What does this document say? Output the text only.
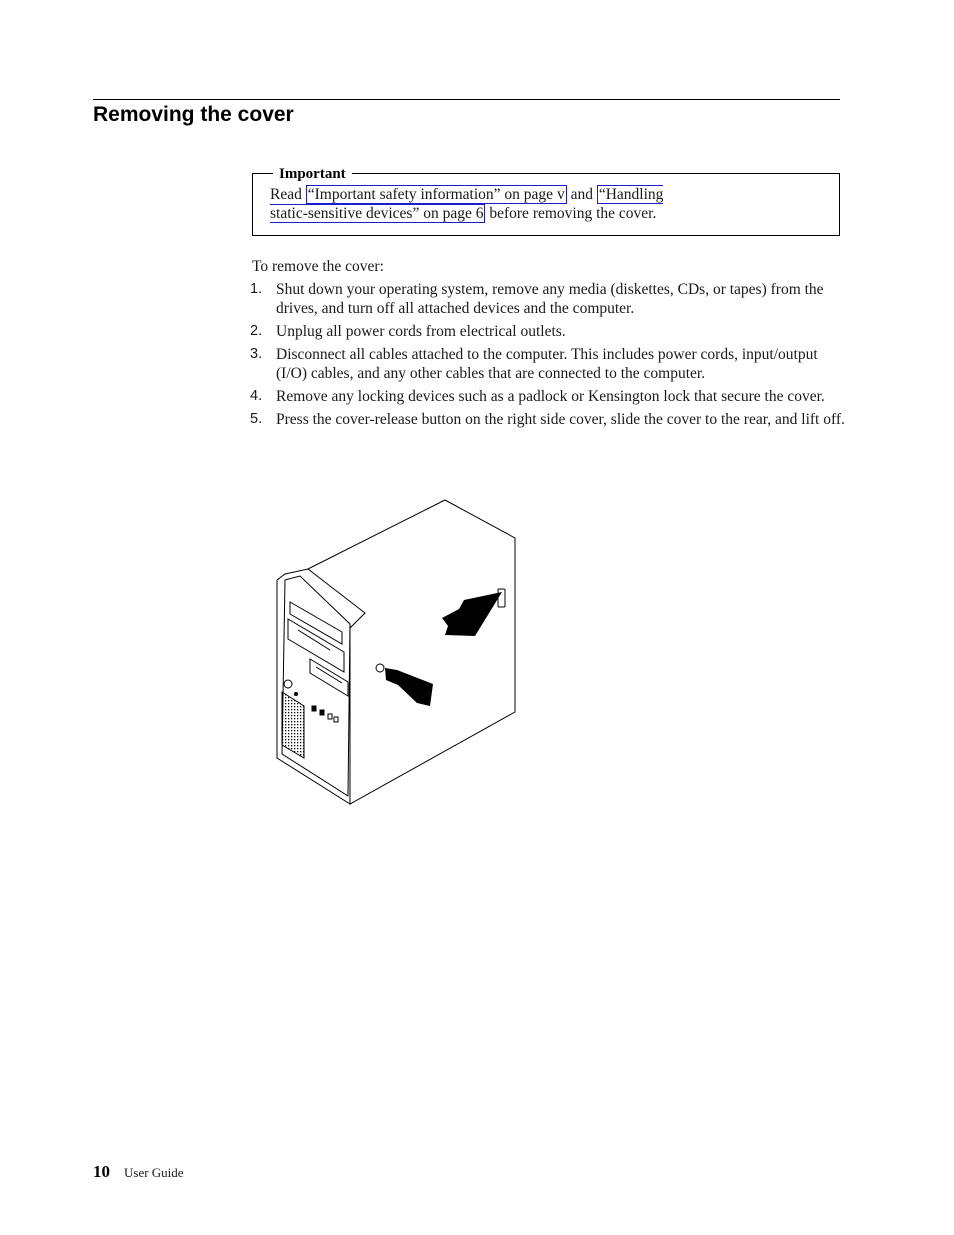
Removing the cover
Important

Read “Important safety information” on page v and “Handling
static-sensitive devices” on page 6 before removing the cover.

To remove the cover:

1. Shut down your operating system, remove any media (diskettes, CDs, or tapes) from the drives, and turn off all attached devices and the computer.
2. Unplug all power cords from electrical outlets.
3. Disconnect all cables attached to the computer. This includes power cords, input/output (I/O) cables, and any other cables that are connected to the computer.
4. Remove any locking devices such as a padlock or Kensington lock that secure the cover.
5. Press the cover-release button on the right side cover, slide the cover to the rear, and lift off.
10 User Guide
